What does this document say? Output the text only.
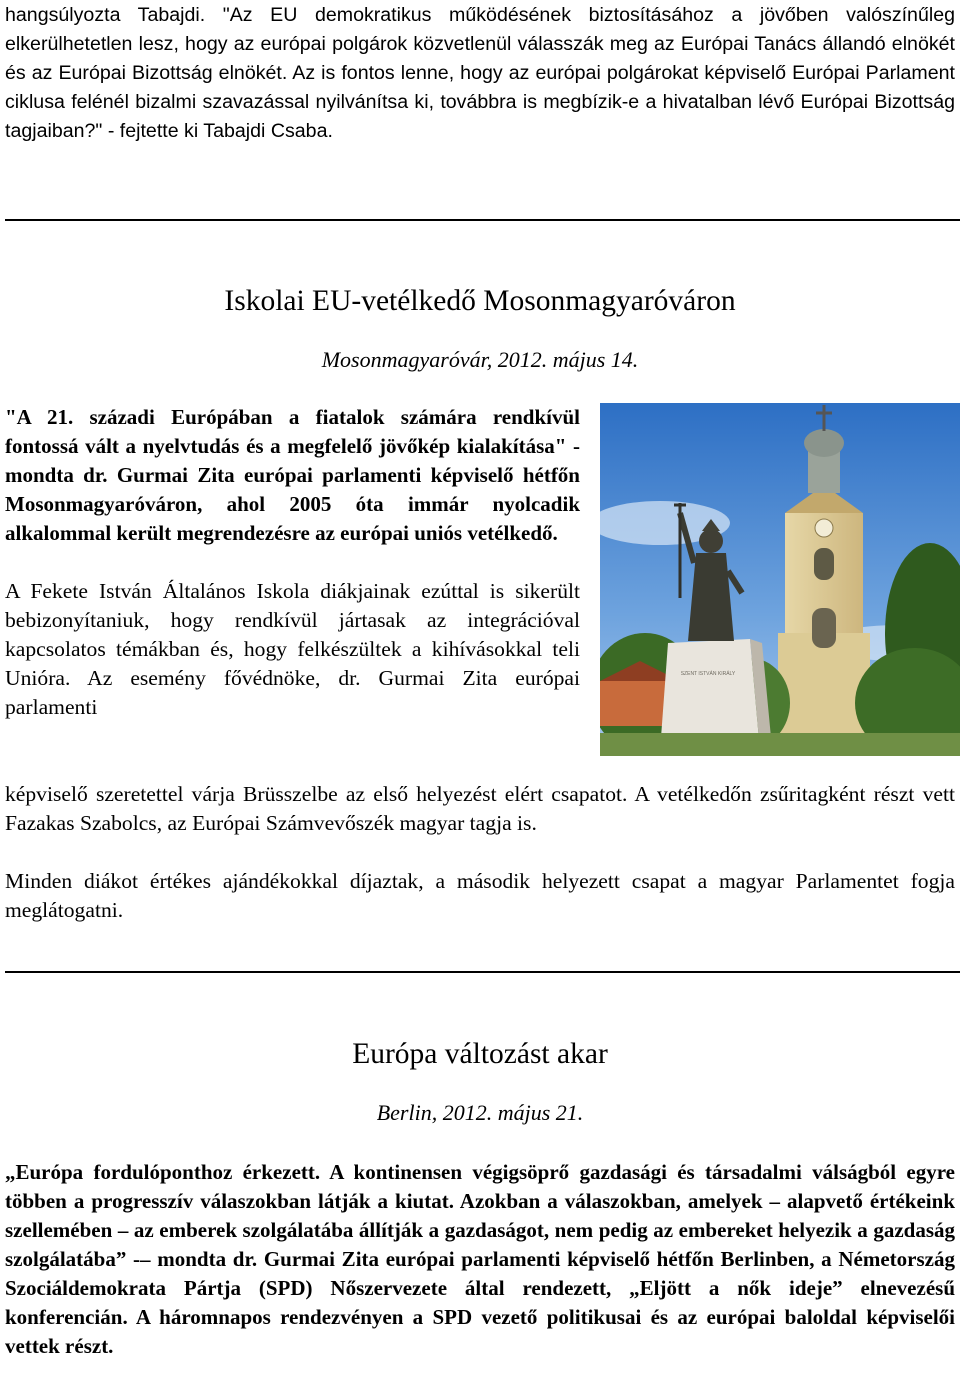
hangsúlyozta Tabajdi. "Az EU demokratikus működésének biztosításához a jövőben valószínűleg elkerülhetetlen lesz, hogy az európai polgárok közvetlenül válasszák meg az Európai Tanács állandó elnökét és az Európai Bizottság elnökét. Az is fontos lenne, hogy az európai polgárokat képviselő Európai Parlament ciklusa felénél bizalmi szavazással nyilvánítsa ki, továbbra is megbízik-e a hivatalban lévő Európai Bizottság tagjaiban?" - fejtette ki Tabajdi Csaba.

Iskolai EU-vetélkedő Mosonmagyaróváron
Mosonmagyaróvár, 2012. május 14.
SZENT ISTVÁN KIRÁLY

"A 21. századi Európában a fiatalok számára rendkívül fontossá vált a nyelvtudás és a megfelelő jövőkép kialakítása" - mondta dr. Gurmai Zita európai parlamenti képviselő hétfőn Mosonmagyaróváron, ahol 2005 óta immár nyolcadik alkalommal került megrendezésre az európai uniós vetélkedő.

A Fekete István Általános Iskola diákjainak ezúttal is sikerült bebizonyítaniuk, hogy rendkívül jártasak az integrációval kapcsolatos témákban és, hogy felkészültek a kihívásokkal teli Unióra. Az esemény fővédnöke, dr. Gurmai Zita európai parlamenti

képviselő szeretettel várja Brüsszelbe az első helyezést elért csapatot. A vetélkedőn zsűritagként részt vett Fazakas Szabolcs, az Európai Számvevőszék magyar tagja is.

Minden diákot értékes ajándékokkal díjaztak, a második helyezett csapat a magyar Parlamentet fogja meglátogatni.

Európa változást akar
Berlin, 2012. május 21.

„Európa fordulóponthoz érkezett. A kontinensen végigsöprő gazdasági és társadalmi válságból egyre többen a progresszív válaszokban látják a kiutat. Azokban a válaszokban, amelyek – alapvető értékeink szellemében – az emberek szolgálatába állítják a gazdaságot, nem pedig az embereket helyezik a gazdaság szolgálatába” -– mondta dr. Gurmai Zita európai parlamenti képviselő hétfőn Berlinben, a Németország Szociáldemokrata Pártja (SPD) Nőszervezete által rendezett, „Eljött a nők ideje” elnevezésű konferencián. A háromnapos rendezvényen a SPD vezető politikusai és az európai baloldal képviselői vettek részt.
